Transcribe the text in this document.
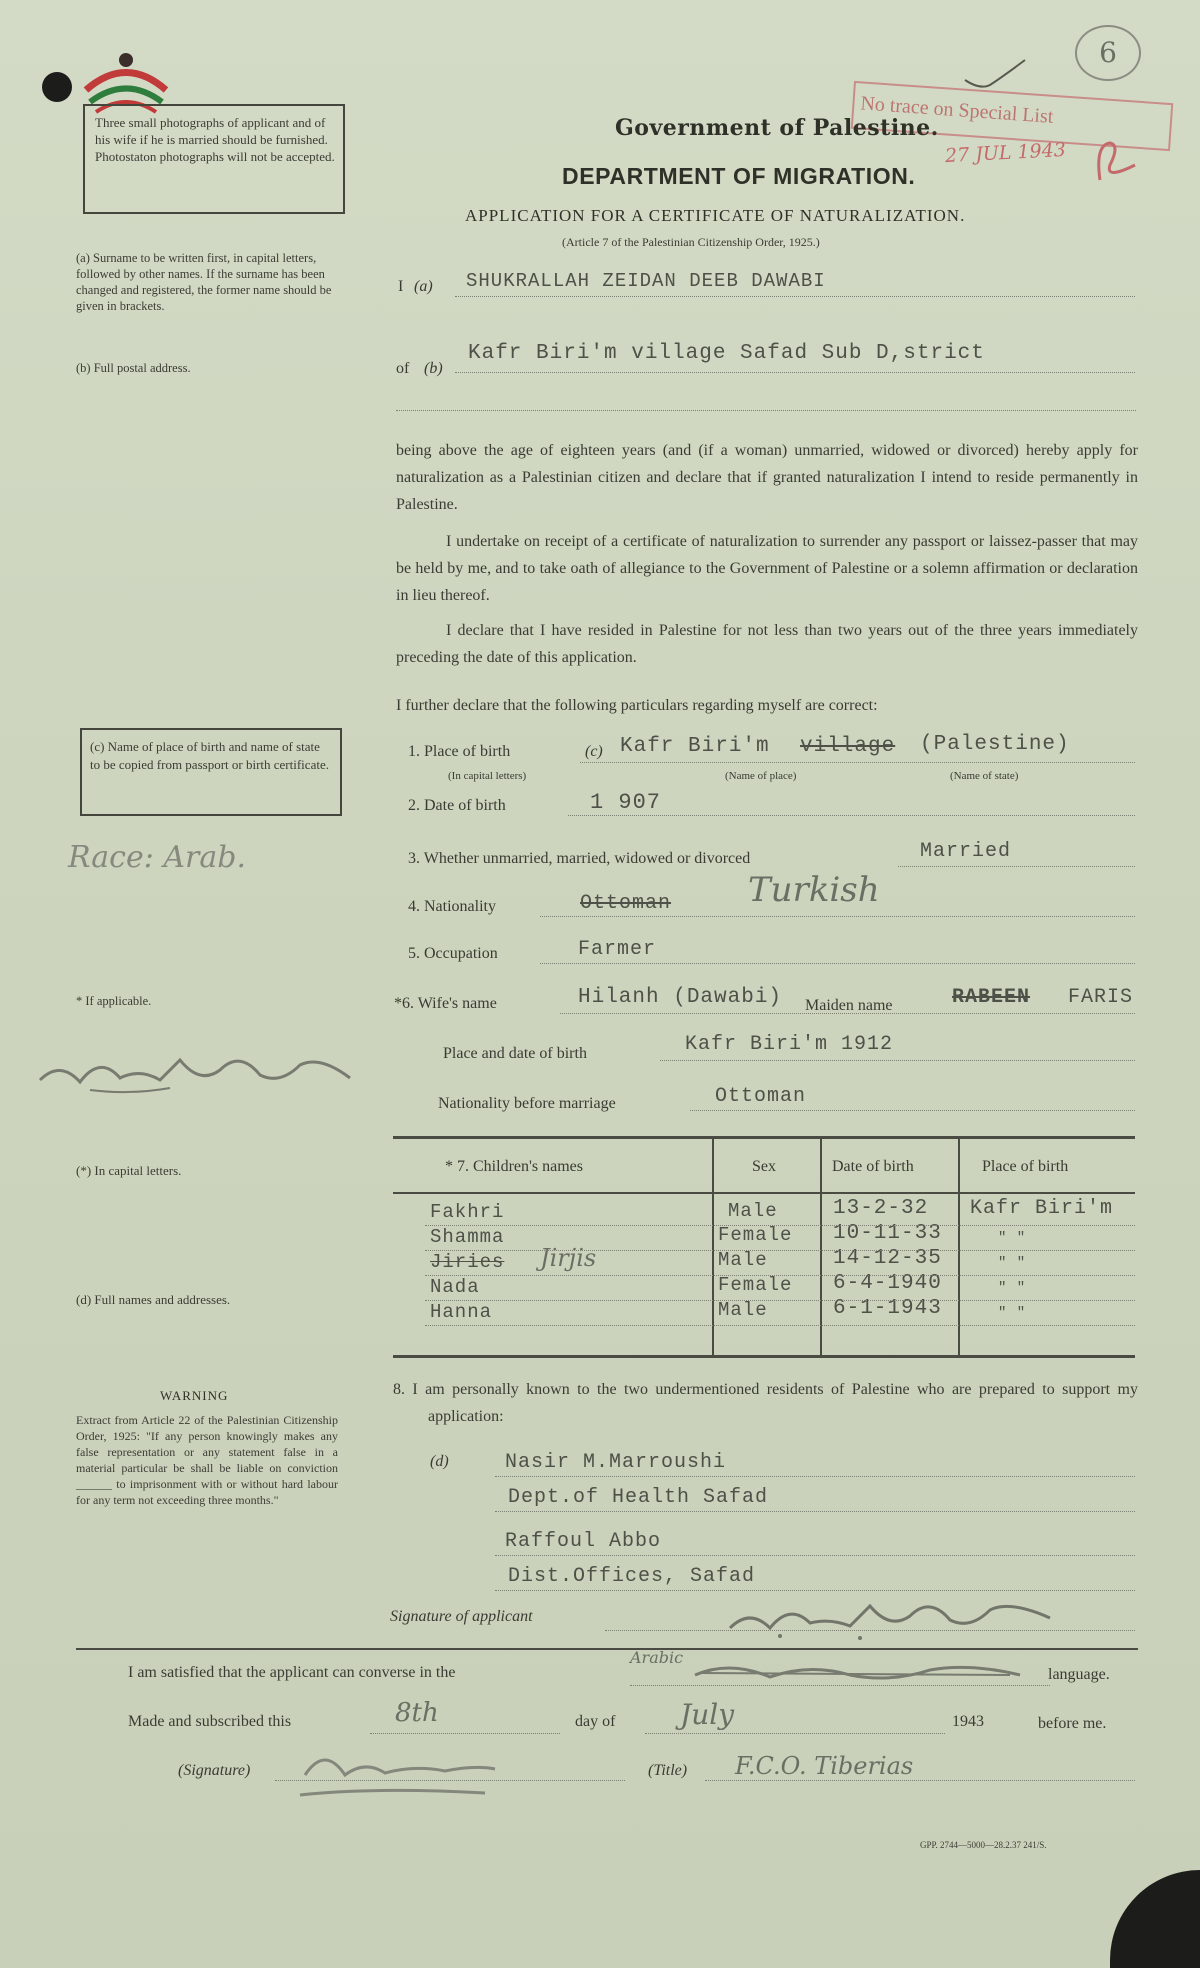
6
No trace on Special List
27 JUL 1943
Government of Palestine.
DEPARTMENT OF MIGRATION.
APPLICATION FOR A CERTIFICATE OF NATURALIZATION.
(Article 7 of the Palestinian Citizenship Order, 1925.)
Three small photographs of applicant and of his wife if he is married should be furnished. Photostaton photographs will not be accepted.
(a) Surname to be written first, in capital letters, followed by other names. If the surname has been changed and registered, the former name should be given in brackets.
(b) Full postal address.
(c) Name of place of birth and name of state to be copied from passport or birth certificate.
Race: Arab.
* If applicable.
(*) In capital letters.
(d) Full names and addresses.
WARNING
Extract from Article 22 of the Palestinian Citizenship Order, 1925: "If any person knowingly makes any false representation or any statement false in a material particular be shall be liable on conviction ______ to imprisonment with or without hard labour for any term not exceeding three months."
I (a) SHUKRALLAH ZEIDAN DEEB DAWABI
of (b)
Kafr Biri'm village Safad Sub D,strict
being above the age of eighteen years (and (if a woman) unmarried, widowed or divorced) hereby apply for naturalization as a Palestinian citizen and declare that if granted naturalization I intend to reside permanently in Palestine.
I undertake on receipt of a certificate of naturalization to surrender any passport or laissez-passer that may be held by me, and to take oath of allegiance to the Government of Palestine or a solemn affirmation or declaration in lieu thereof.
I declare that I have resided in Palestine for not less than two years out of the three years immediately preceding the date of this application.
I further declare that the following particulars regarding myself are correct:
1. Place of birth	(c) Kafr Biri'm village (Palestine)
(In capital letters)	(Name of place)	(Name of state)
2. Date of birth	1 907
3. Whether unmarried, married, widowed or divorced	Married
4. Nationality	Ottoman Turkish
5. Occupation	Farmer
*6. Wife's name	Hilanh (Dawabi) Maiden name	RABEEN FARIS
Place and date of birth	Kafr Biri'm 1912
Nationality before marriage	Ottoman
* 7. Children's names	Sex	Date of birth	Place of birth
Fakhri	Male	13-2-32 Kafr Biri'm
Shamma	Female 10-11-33	" "
Jiries Jirjis	Male	14-12-35	" "
Nada	Female 6-4-1940	" "
Hanna	Male	6-1-1943	" "
8. I am personally known to the two undermentioned residents of Palestine who are prepared to support my application:
(d)	Nasir M.Marroushi
Dept.of Health Safad
Raffoul Abbo
Dist.Offices, Safad
Signature of applicant
I am satisfied that the applicant can converse in the
Arabic
language.
Made and subscribed this	8th	day of July	1943	before me.
(Signature)	(Title) F.C.O. Tiberias
GPP. 2744—5000—28.2.37 241/S.
